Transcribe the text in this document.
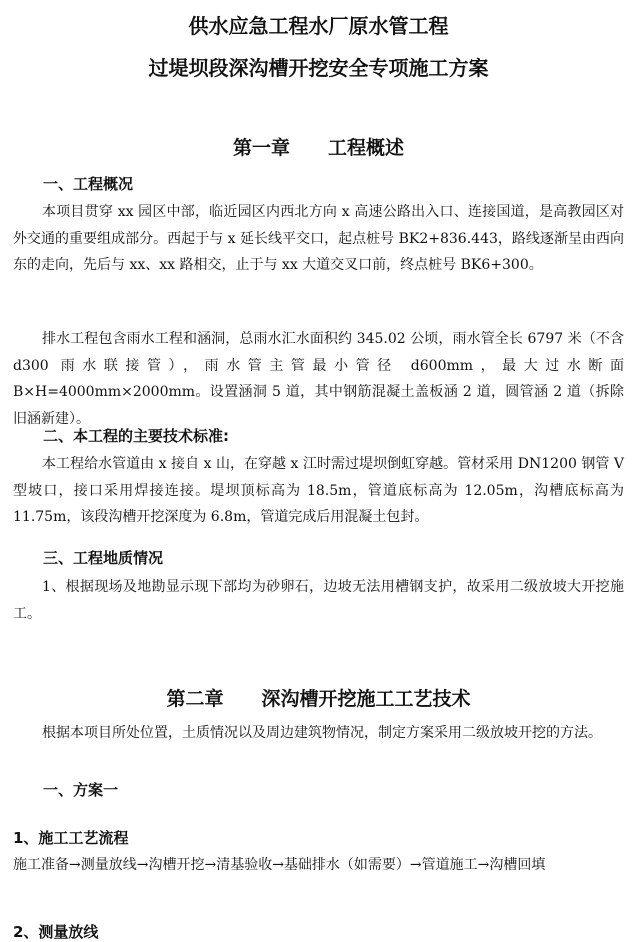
供水应急工程水厂原水管工程
过堤坝段深沟槽开挖安全专项施工方案
第一章 工程概述
一、工程概况

本项目贯穿 xx 园区中部，临近园区内西北方向 x 高速公路出入口、连接国道，是高教园区对外交通的重要组成部分。西起于与 x 延长线平交口，起点桩号 BK2+836.443，路线逐渐呈由西向东的走向，先后与 xx、xx 路相交，止于与 xx 大道交叉口前，终点桩号 BK6+300。

排水工程包含雨水工程和涵洞，总雨水汇水面积约 345.02 公顷，雨水管全长 6797 米（不含 d300 雨水联接管），雨水管主管最小管径 d600mm，最大过水断面 B×H=4000mm×2000mm。设置涵洞 5 道，其中钢筋混凝土盖板涵 2 道，圆管涵 2 道（拆除旧涵新建）。

二、本工程的主要技术标准:

本工程给水管道由 x 接自 x 山，在穿越 x 江时需过堤坝倒虹穿越。管材采用 DN1200 钢管 V 型坡口，接口采用焊接连接。堤坝顶标高为 18.5m，管道底标高为 12.05m，沟槽底标高为 11.75m，该段沟槽开挖深度为 6.8m，管道完成后用混凝土包封。

三、工程地质情况

1、根据现场及地勘显示现下部均为砂卵石，边坡无法用槽钢支护，故采用二级放坡大开挖施工。

第二章 深沟槽开挖施工工艺技术

根据本项目所处位置，土质情况以及周边建筑物情况，制定方案采用二级放坡开挖的方法。

一、方案一
1、施工工艺流程

施工准备→测量放线→沟槽开挖→清基验收→基础排水（如需要）→管道施工→沟槽回填

2、测量放线
